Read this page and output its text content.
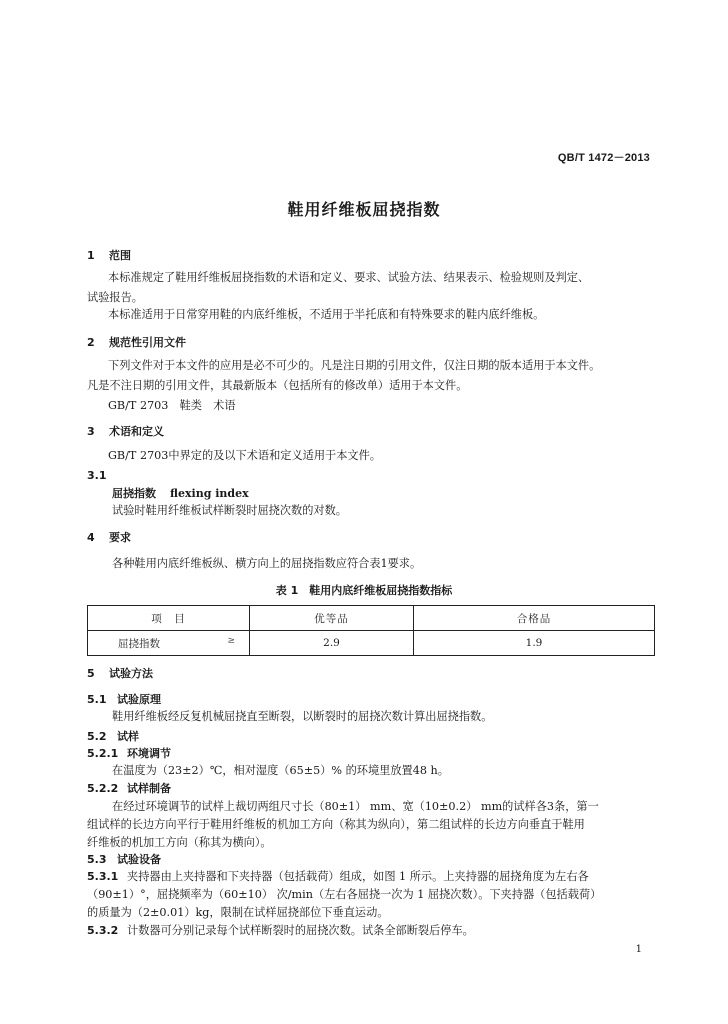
QB/T 1472－2013
鞋用纤维板屈挠指数
1 范围
本标准规定了鞋用纤维板屈挠指数的术语和定义、要求、试验方法、结果表示、检验规则及判定、
试验报告。
本标准适用于日常穿用鞋的内底纤维板，不适用于半托底和有特殊要求的鞋内底纤维板。
2 规范性引用文件
下列文件对于本文件的应用是必不可少的。凡是注日期的引用文件，仅注日期的版本适用于本文件。
凡是不注日期的引用文件，其最新版本（包括所有的修改单）适用于本文件。
GB/T 2703　鞋类　术语
3 术语和定义
GB/T 2703中界定的及以下术语和定义适用于本文件。
3.1
屈挠指数 flexing index
试验时鞋用纤维板试样断裂时屈挠次数的对数。
4 要求
各种鞋用内底纤维板纵、横方向上的屈挠指数应符合表1要求。
表 1　鞋用内底纤维板屈挠指数指标
项　目	优等品	合格品
屈挠指数 ≥	2.9	1.9
5 试验方法
5.1 试验原理
鞋用纤维板经反复机械屈挠直至断裂，以断裂时的屈挠次数计算出屈挠指数。
5.2 试样
5.2.1 环境调节
在温度为（23±2）℃，相对湿度（65±5）% 的环境里放置48 h。
5.2.2 试样制备
在经过环境调节的试样上裁切两组尺寸长（80±1） mm、宽（10±0.2） mm的试样各3条，第一
组试样的长边方向平行于鞋用纤维板的机加工方向（称其为纵向），第二组试样的长边方向垂直于鞋用
纤维板的机加工方向（称其为横向）。
5.3 试验设备
5.3.1 夹持器由上夹持器和下夹持器（包括载荷）组成，如图 1 所示。上夹持器的屈挠角度为左右各
（90±1）°，屈挠频率为（60±10） 次/min（左右各屈挠一次为 1 屈挠次数）。下夹持器（包括载荷）
的质量为（2±0.01）kg，限制在试样屈挠部位下垂直运动。
5.3.2 计数器可分别记录每个试样断裂时的屈挠次数。试条全部断裂后停车。
1
